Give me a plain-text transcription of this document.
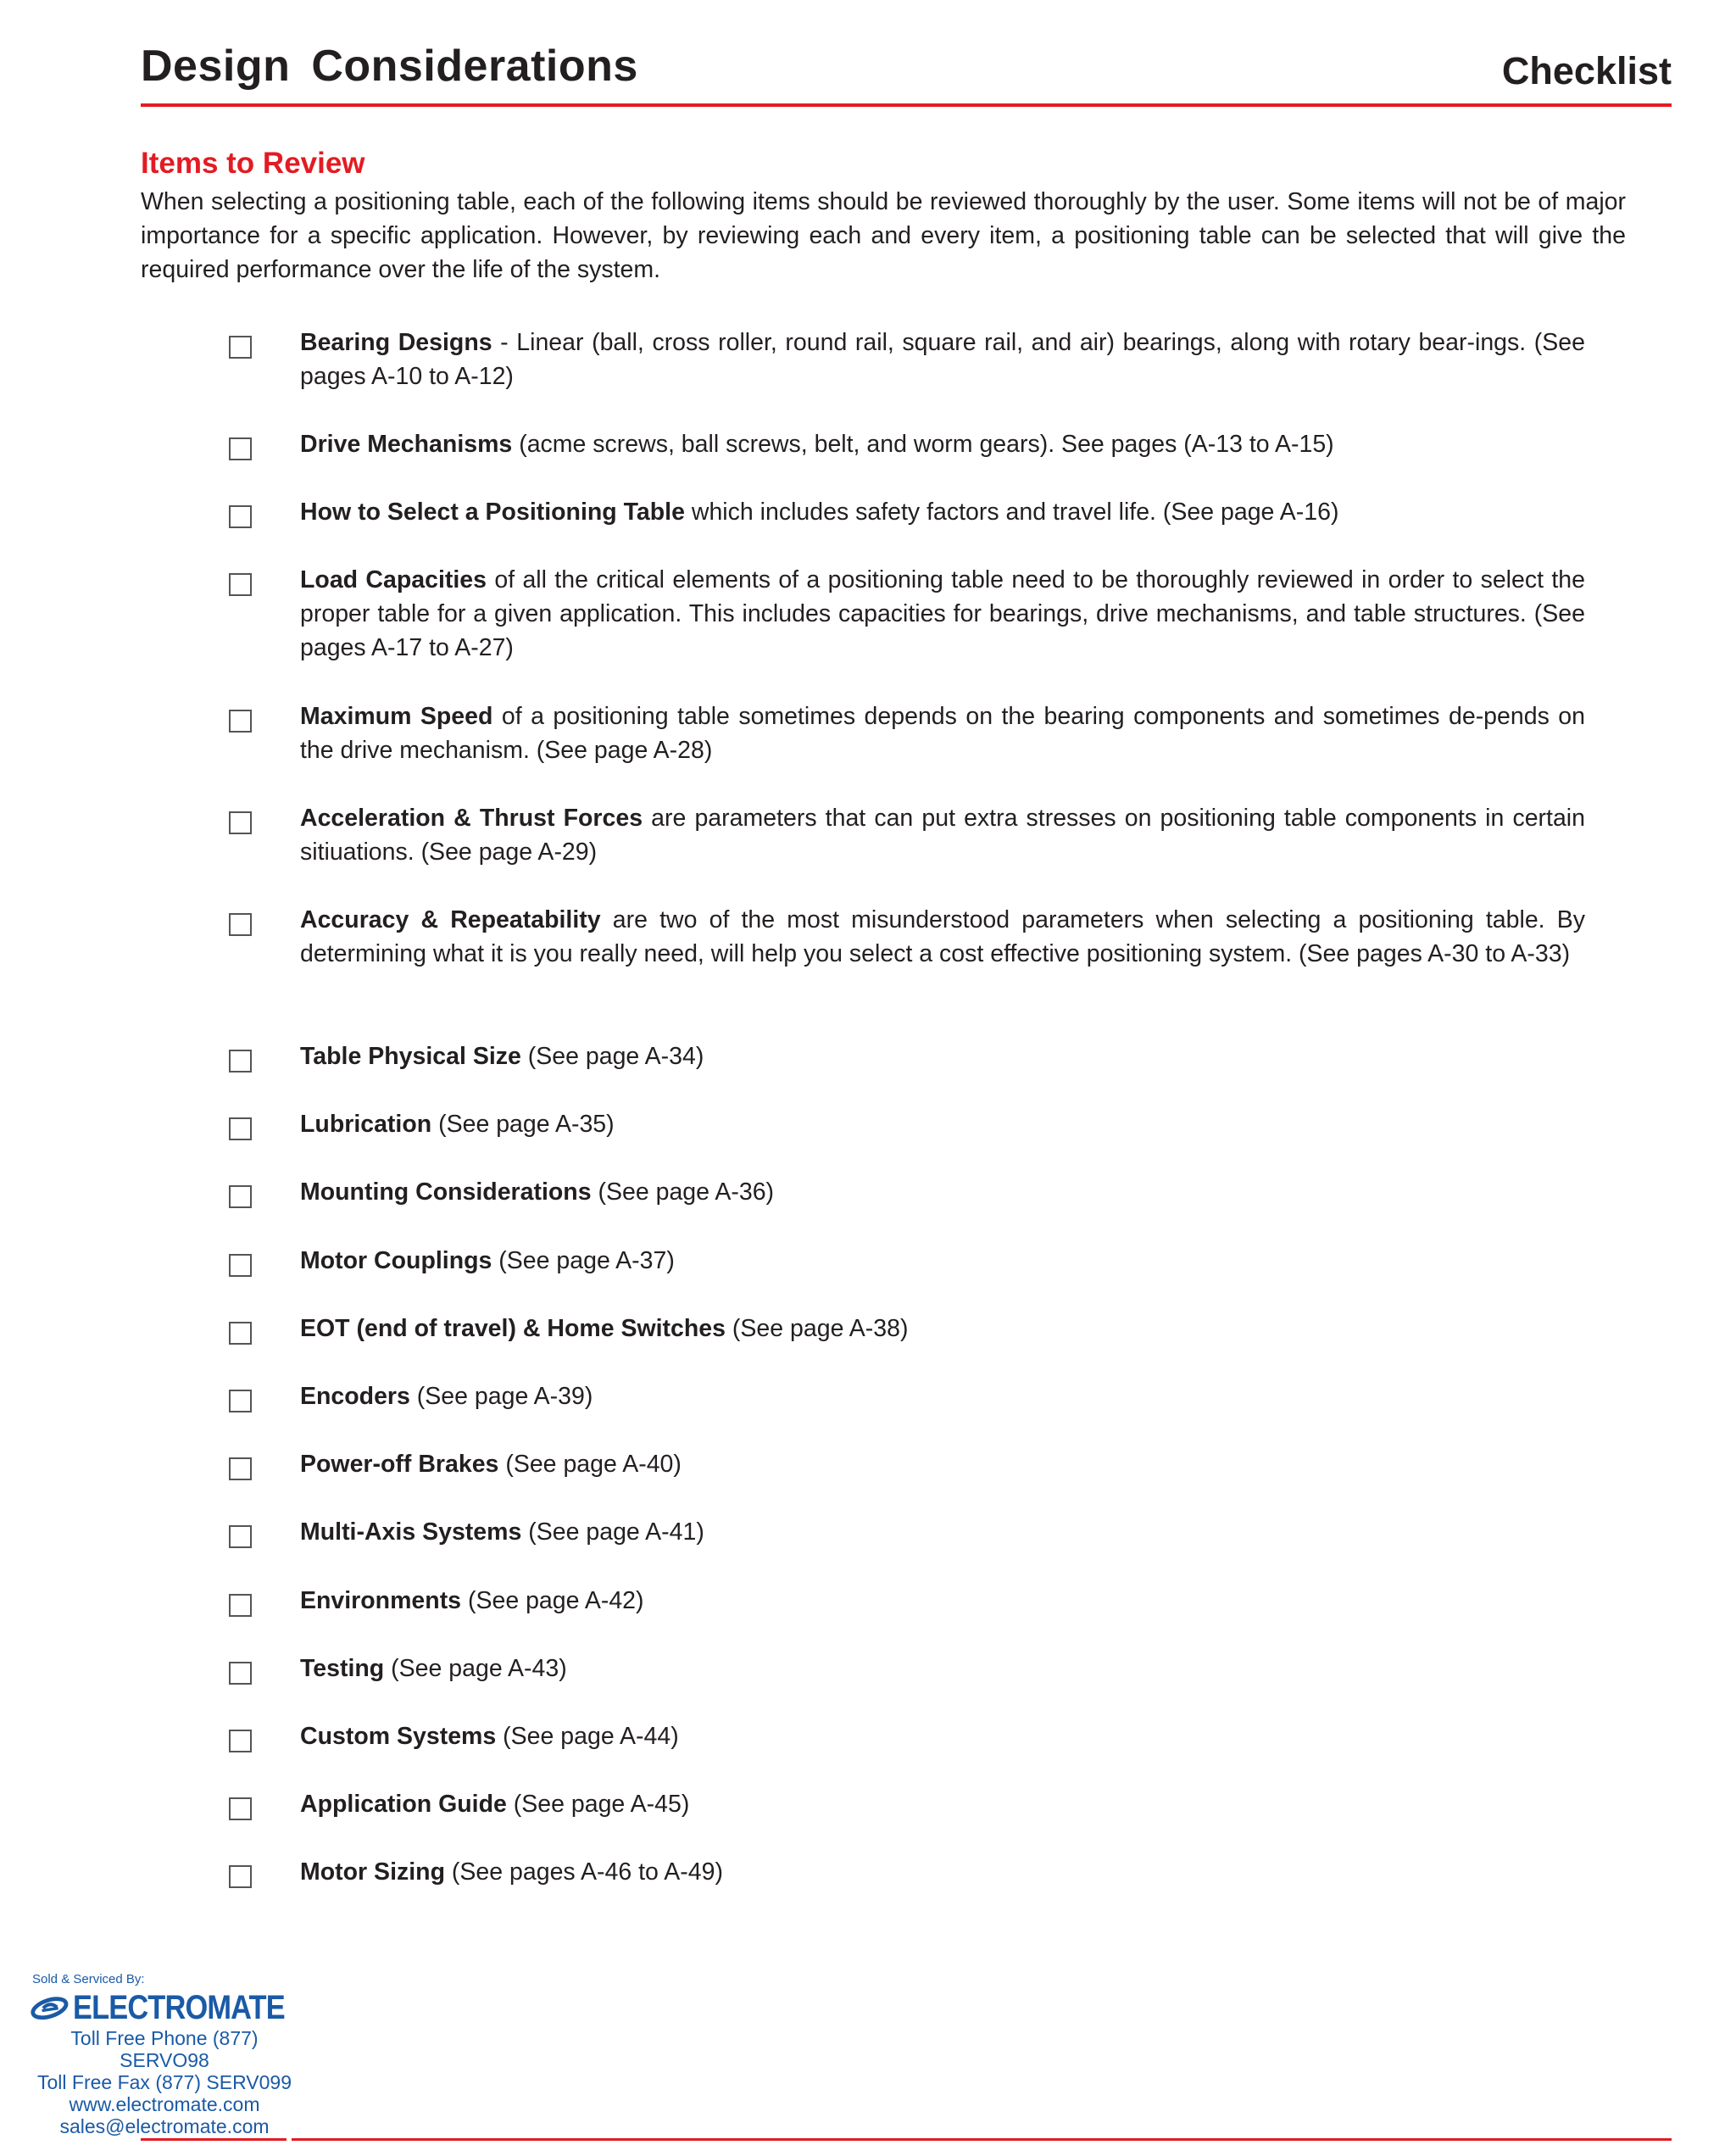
Design Considerations	Checklist
Items to Review

When selecting a positioning table, each of the following items should be reviewed thoroughly by the user. Some items will not be of major importance for a specific application. However, by reviewing each and every item, a positioning table can be selected that will give the required performance over the life of the system.

Bearing Designs - Linear (ball, cross roller, round rail, square rail, and air) bearings, along with rotary bear-ings. (See pages A-10 to A-12)
Drive Mechanisms (acme screws, ball screws, belt, and worm gears). See pages (A-13 to A-15)
How to Select a Positioning Table which includes safety factors and travel life. (See page A-16)
Load Capacities of all the critical elements of a positioning table need to be thoroughly reviewed in order to select the proper table for a given application. This includes capacities for bearings, drive mechanisms, and table structures. (See pages A-17 to A-27)
Maximum Speed of a positioning table sometimes depends on the bearing components and sometimes de-pends on the drive mechanism. (See page A-28)
Acceleration & Thrust Forces are parameters that can put extra stresses on positioning table components in certain sitiuations. (See page A-29)
Accuracy & Repeatability are two of the most misunderstood parameters when selecting a positioning table. By determining what it is you really need, will help you select a cost effective positioning system. (See pages A-30 to A-33)
Table Physical Size (See page A-34)
Lubrication (See page A-35)
Mounting Considerations (See page A-36)
Motor Couplings (See page A-37)
EOT (end of travel) & Home Switches (See page A-38)
Encoders (See page A-39)
Power-off Brakes (See page A-40)
Multi-Axis Systems (See page A-41)
Environments (See page A-42)
Testing (See page A-43)
Custom Systems (See page A-44)
Application Guide (See page A-45)
Motor Sizing (See pages A-46 to A-49)
Sold & Serviced By:
ELECTROMATE
Toll Free Phone (877) SERVO98
Toll Free Fax (877) SERV099
www.electromate.com
sales@electromate.com
